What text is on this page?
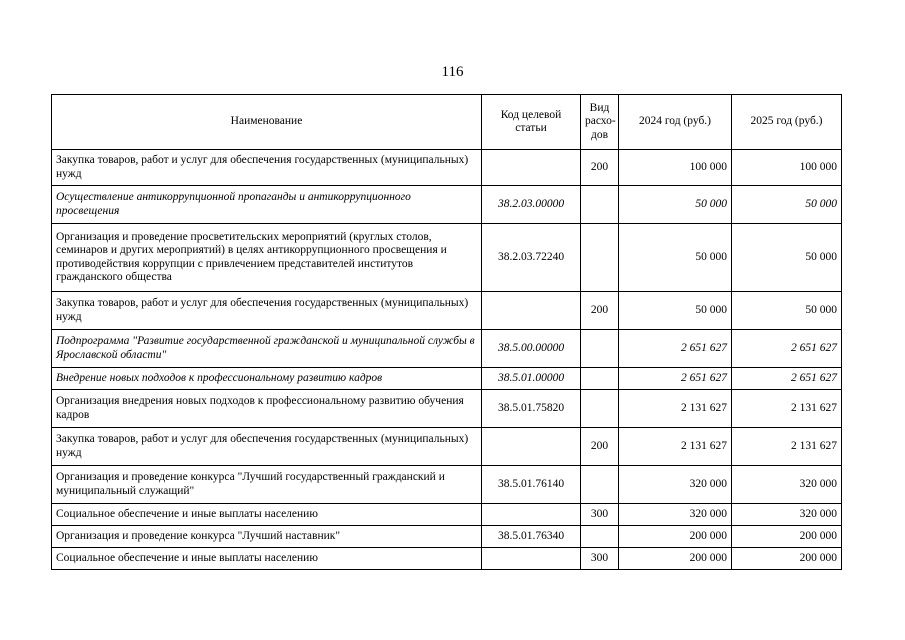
116
Наименование	Код целевой статьи	Вид расхо-дов	2024 год (руб.)	2025 год (руб.)
Закупка товаров, работ и услуг для обеспечения государственных (муниципальных) нужд		200	100 000	100 000
Осуществление антикоррупционной пропаганды и антикоррупционного просвещения	38.2.03.00000		50 000	50 000
Организация и проведение просветительских мероприятий (круглых столов, семинаров и других мероприятий) в целях антикоррупционного просвещения и противодействия коррупции с привлечением представителей институтов гражданского общества	38.2.03.72240		50 000	50 000
Закупка товаров, работ и услуг для обеспечения государственных (муниципальных) нужд		200	50 000	50 000
Подпрограмма "Развитие государственной гражданской и муниципальной службы в Ярославской области"	38.5.00.00000		2 651 627	2 651 627
Внедрение новых подходов к профессиональному развитию кадров	38.5.01.00000		2 651 627	2 651 627
Организация внедрения новых подходов к профессиональному развитию обучения кадров	38.5.01.75820		2 131 627	2 131 627
Закупка товаров, работ и услуг для обеспечения государственных (муниципальных) нужд		200	2 131 627	2 131 627
Организация и проведение конкурса "Лучший государственный гражданский и муниципальный служащий"	38.5.01.76140		320 000	320 000
Социальное обеспечение и иные выплаты населению		300	320 000	320 000
Организация и проведение конкурса "Лучший наставник"	38.5.01.76340		200 000	200 000
Социальное обеспечение и иные выплаты населению		300	200 000	200 000
